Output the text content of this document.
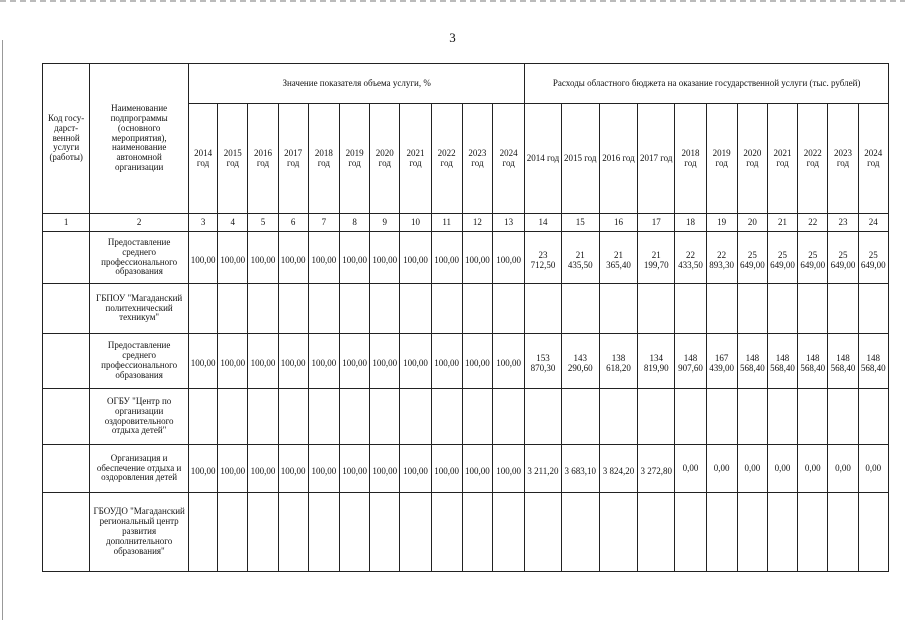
3
Код госу-дарст-венной услуги (работы)	Наименование подпрограммы (основного мероприятия), наименование автономной организации	Значение показателя объема услуги, %											Расходы областного бюджета на оказание государственной услуги (тыс. рублей)										
		2014 год	2015 год	2016 год	2017 год	2018 год	2019 год	2020 год	2021 год	2022 год	2023 год	2024 год	2014 год	2015 год	2016 год	2017 год	2018 год	2019 год	2020 год	2021 год	2022 год	2023 год	2024 год
1	2	3	4	5	6	7	8	9	10	11	12	13	14	15	16	17	18	19	20	21	22	23	24
	Предоставление среднего профессионального образования	100,00	100,00	100,00	100,00	100,00	100,00	100,00	100,00	100,00	100,00	100,00	23 712,50	21 435,50	21 365,40	21 199,70	22 433,50	22 893,30	25 649,00	25 649,00	25 649,00	25 649,00	25 649,00
	ГБПОУ "Магаданский политехнический техникум"																						
	Предоставление среднего профессионального образования	100,00	100,00	100,00	100,00	100,00	100,00	100,00	100,00	100,00	100,00	100,00	153 870,30	143 290,60	138 618,20	134 819,90	148 907,60	167 439,00	148 568,40	148 568,40	148 568,40	148 568,40	148 568,40
	ОГБУ "Центр по организации оздоровительного отдыха детей"																						
	Организация и обеспечение отдыха и оздоровления детей	100,00	100,00	100,00	100,00	100,00	100,00	100,00	100,00	100,00	100,00	100,00	3 211,20	3 683,10	3 824,20	3 272,80	0,00	0,00	0,00	0,00	0,00	0,00	0,00
	ГБОУДО "Магаданский региональный центр развития дополнительного образования"																						
